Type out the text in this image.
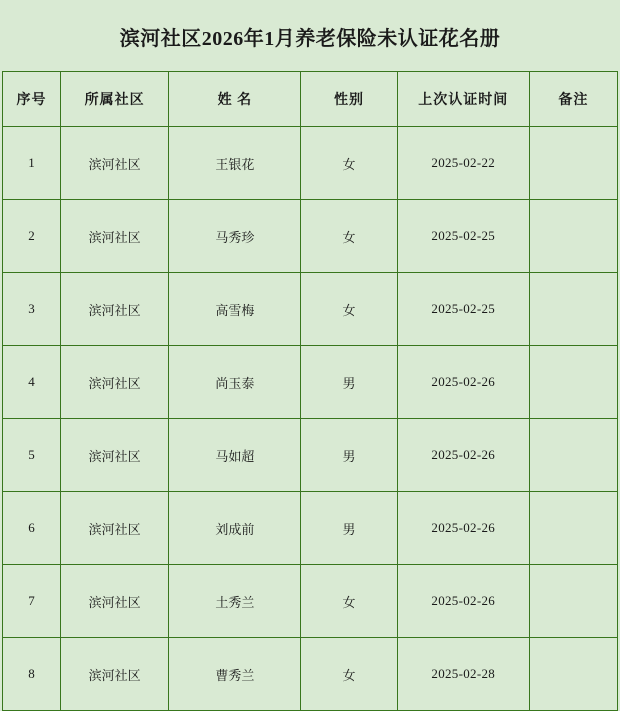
滨河社区2026年1月养老保险未认证花名册
序号	所属社区	姓 名	性别	上次认证时间	备注
1	滨河社区	王银花	女	2025-02-22	
2	滨河社区	马秀珍	女	2025-02-25	
3	滨河社区	高雪梅	女	2025-02-25	
4	滨河社区	尚玉泰	男	2025-02-26	
5	滨河社区	马如超	男	2025-02-26	
6	滨河社区	刘成前	男	2025-02-26	
7	滨河社区	土秀兰	女	2025-02-26	
8	滨河社区	曹秀兰	女	2025-02-28	
